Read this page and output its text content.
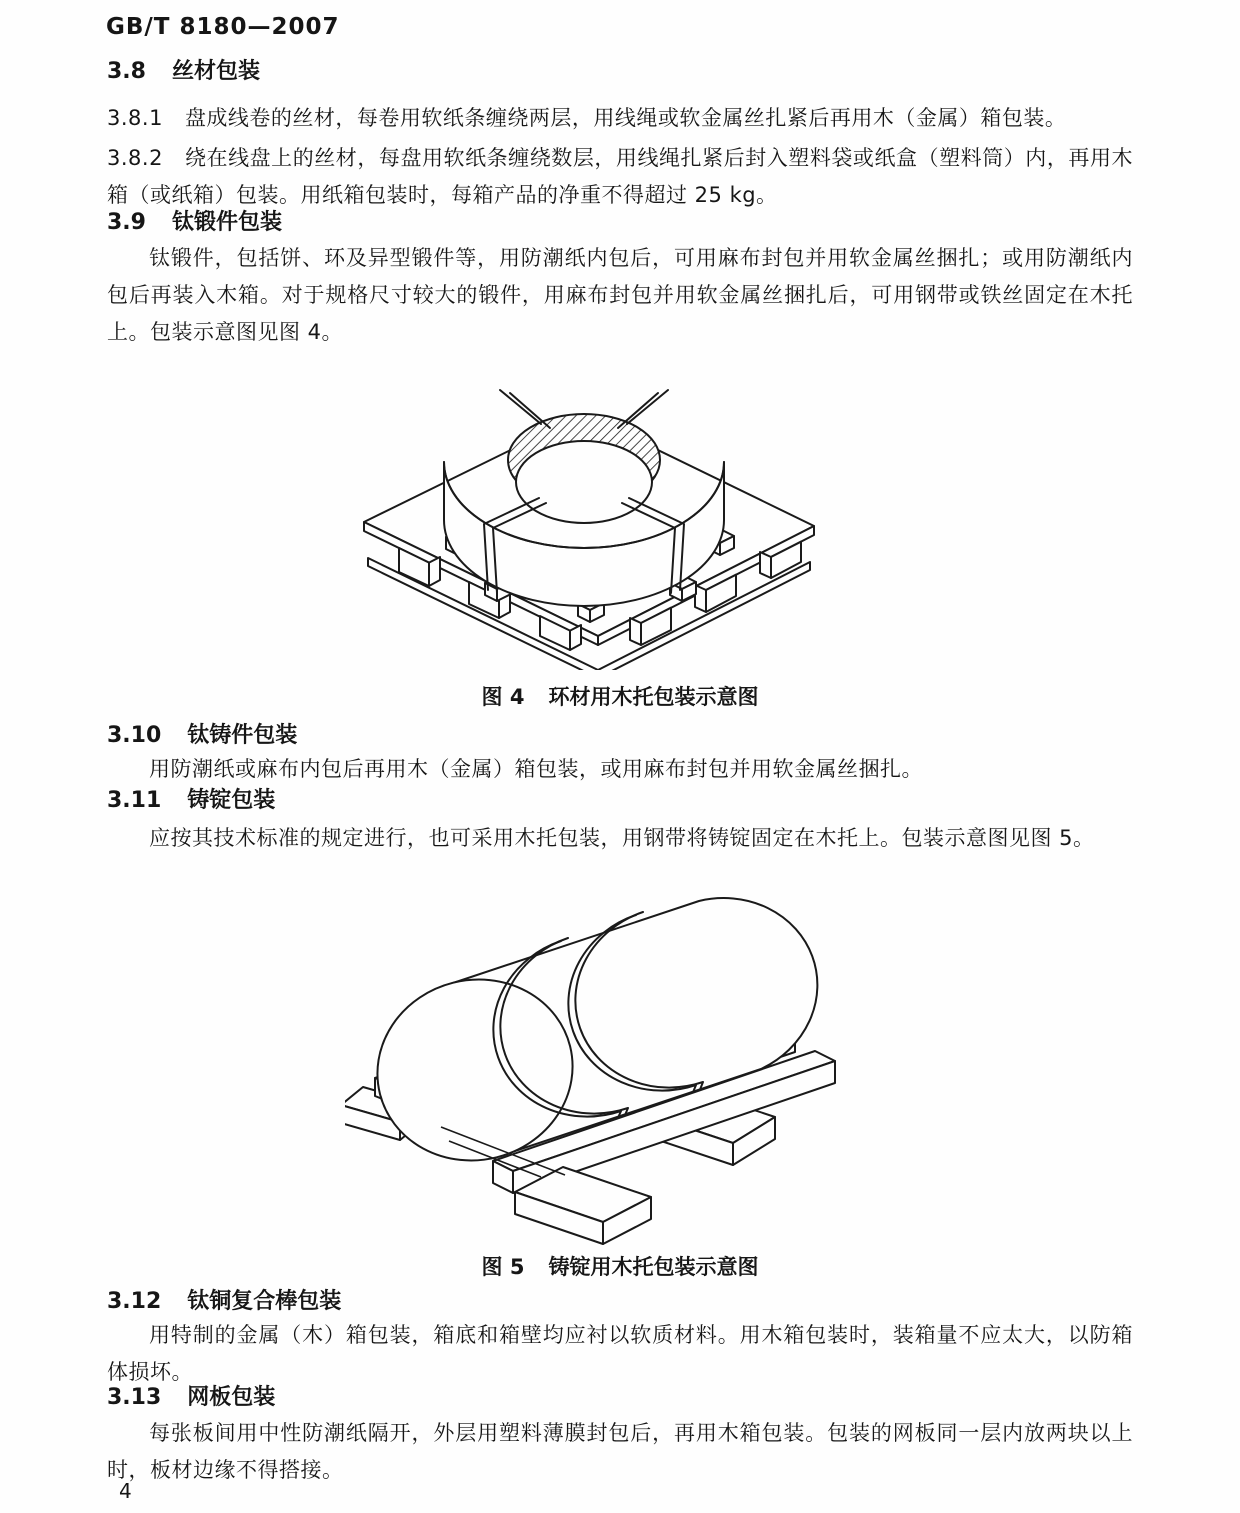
GB/T 8180—2007
3.8 丝材包装
3.8.1 盘成线卷的丝材，每卷用软纸条缠绕两层，用线绳或软金属丝扎紧后再用木（金属）箱包装。
3.8.2 绕在线盘上的丝材，每盘用软纸条缠绕数层，用线绳扎紧后封入塑料袋或纸盒（塑料筒）内，再用木箱（或纸箱）包装。用纸箱包装时，每箱产品的净重不得超过 25 kg。
3.9 钛锻件包装
钛锻件，包括饼、环及异型锻件等，用防潮纸内包后，可用麻布封包并用软金属丝捆扎；或用防潮纸内包后再装入木箱。对于规格尺寸较大的锻件，用麻布封包并用软金属丝捆扎后，可用钢带或铁丝固定在木托上。包装示意图见图 4。
图 4 环材用木托包装示意图
3.10 钛铸件包装
用防潮纸或麻布内包后再用木（金属）箱包装，或用麻布封包并用软金属丝捆扎。
3.11 铸锭包装
应按其技术标准的规定进行，也可采用木托包装，用钢带将铸锭固定在木托上。包装示意图见图 5。
图 5 铸锭用木托包装示意图
3.12 钛铜复合棒包装
用特制的金属（木）箱包装，箱底和箱壁均应衬以软质材料。用木箱包装时，装箱量不应太大，以防箱体损坏。
3.13 网板包装
每张板间用中性防潮纸隔开，外层用塑料薄膜封包后，再用木箱包装。包装的网板同一层内放两块以上时，板材边缘不得搭接。
4
